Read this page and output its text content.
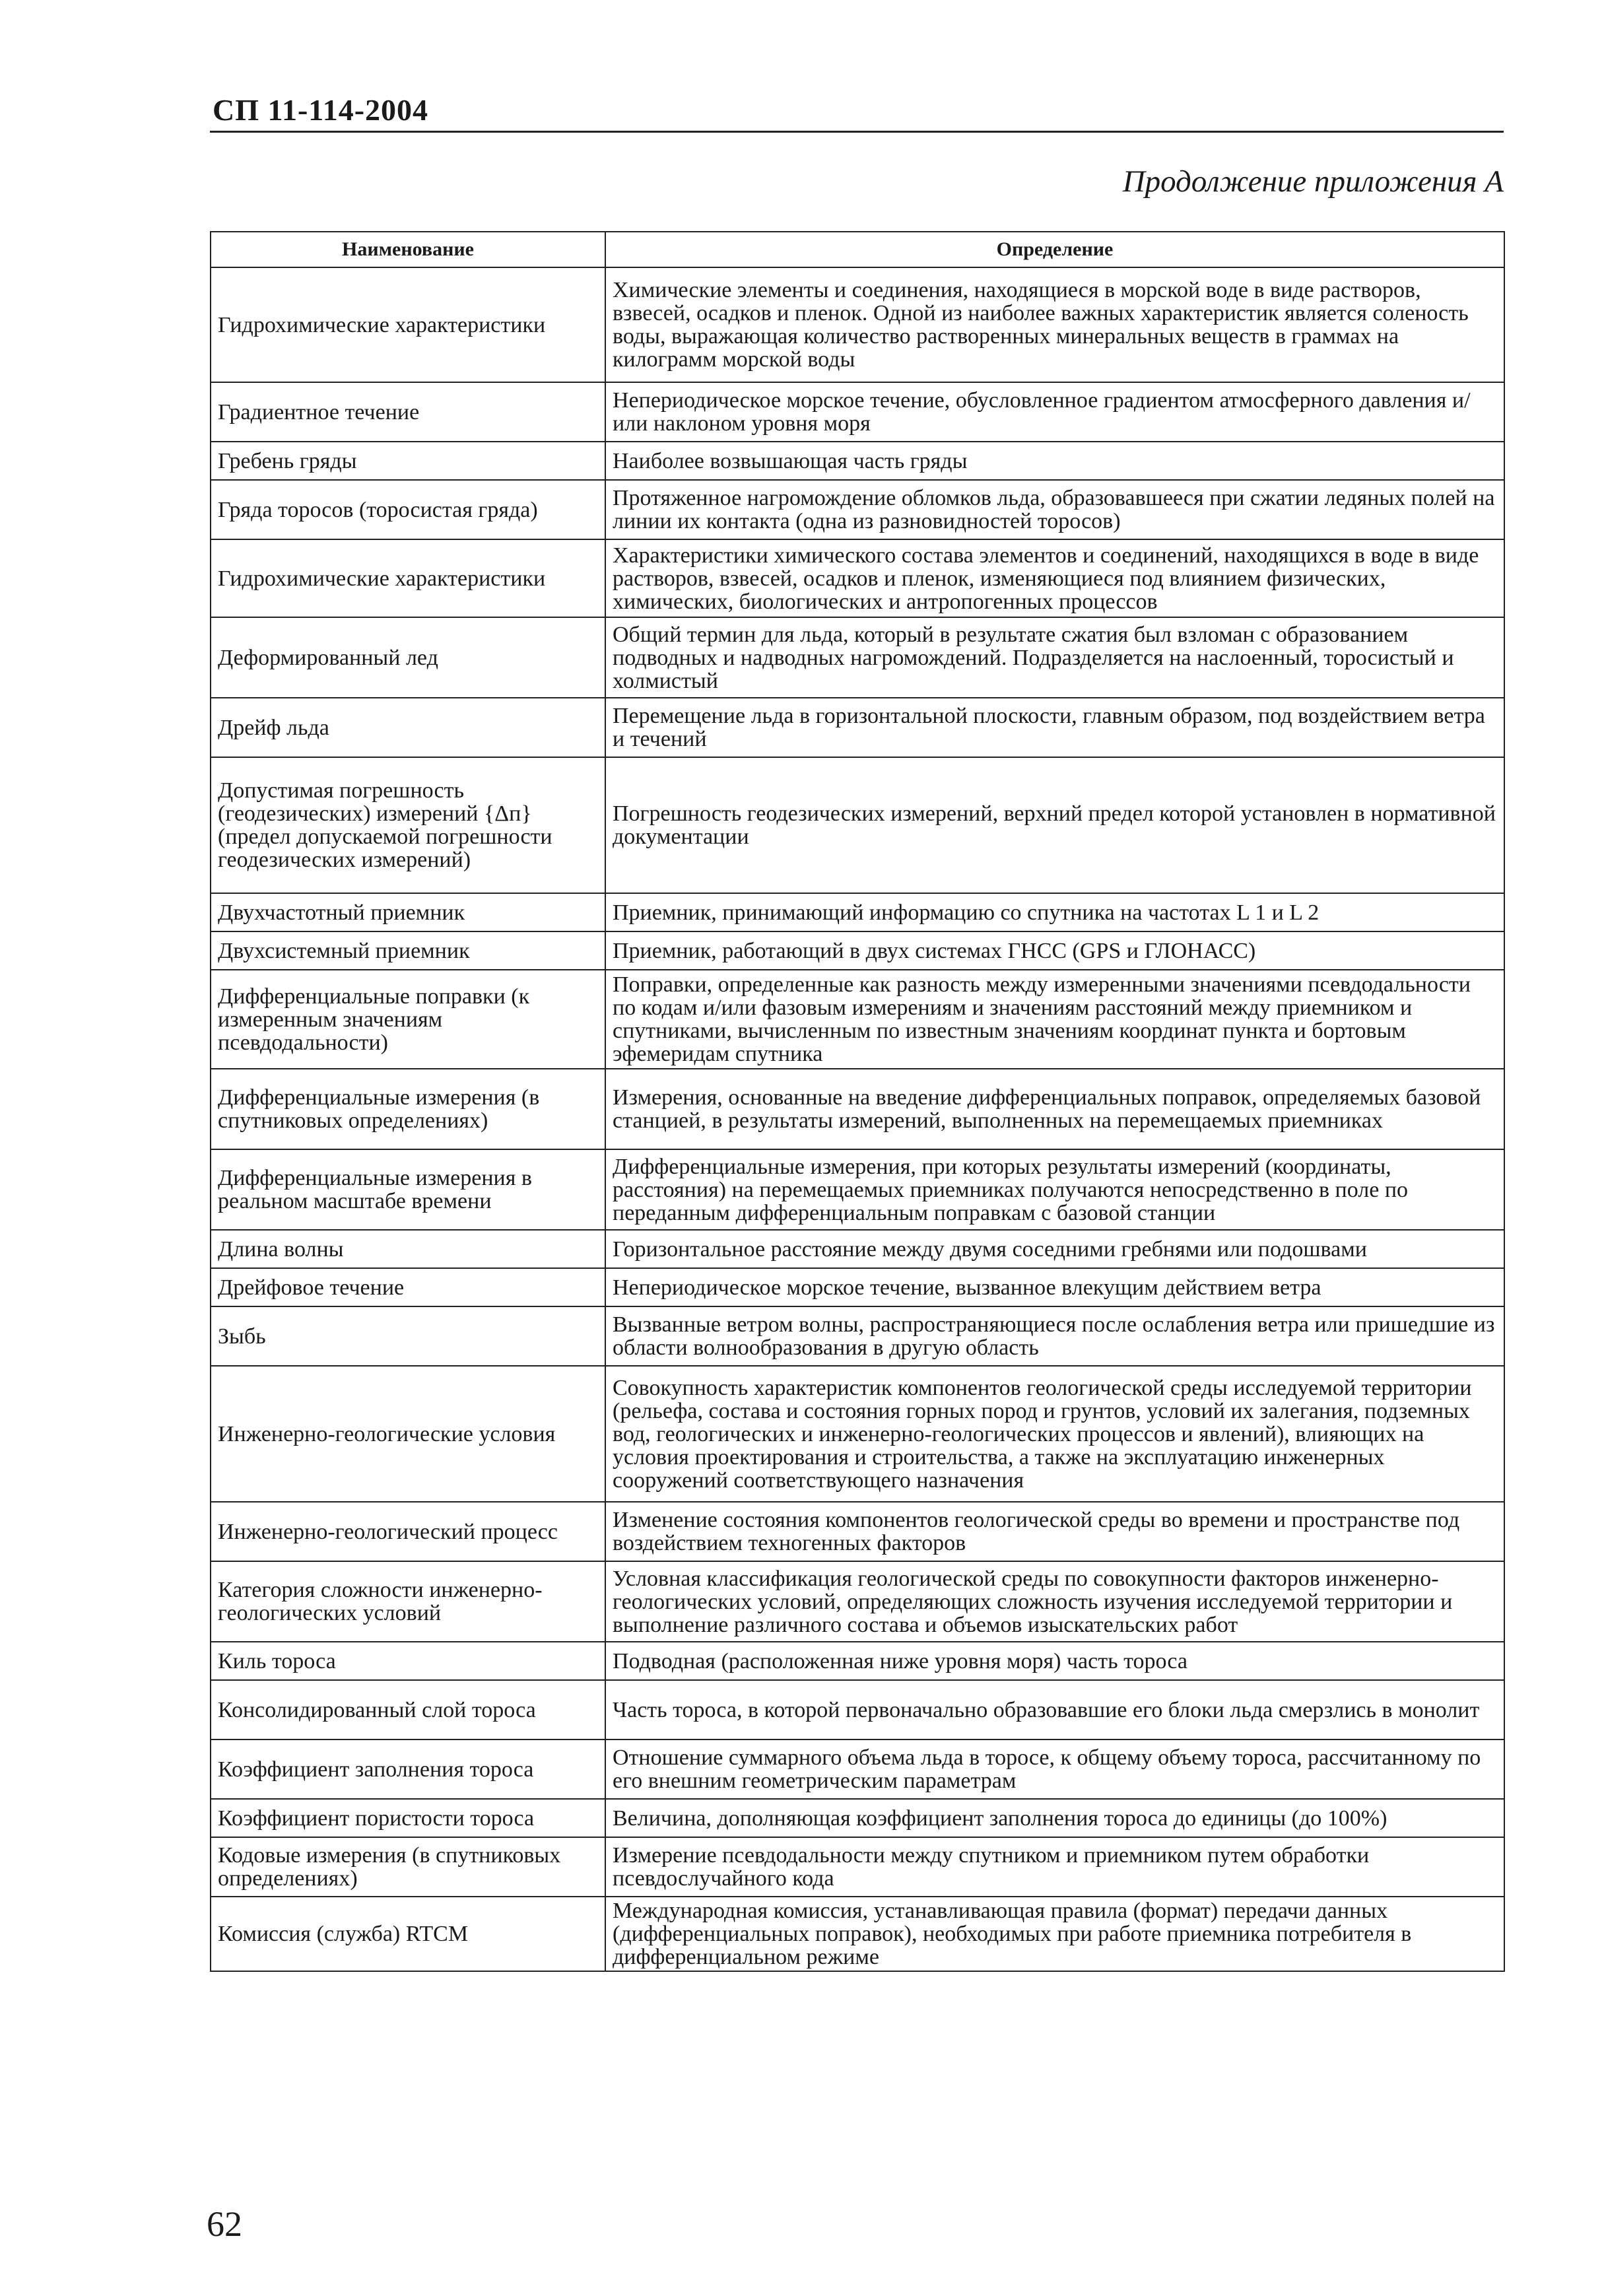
СП 11-114-2004
Продолжение приложения А
Наименование	Определение
Гидрохимические характеристики	Химические элементы и соединения, находящиеся в морской воде в виде растворов, взвесей, осадков и пленок. Одной из наиболее важных характеристик является соленость воды, выражающая количество растворенных минеральных веществ в граммах на килограмм морской воды
Градиентное течение	Непериодическое морское течение, обусловленное градиентом атмосферного давления и/или наклоном уровня моря
Гребень гряды	Наиболее возвышающая часть гряды
Гряда торосов (торосистая гряда)	Протяженное нагромождение обломков льда, образовавшееся при сжатии ледяных полей на линии их контакта (одна из разновидностей торосов)
Гидрохимические характеристики	Характеристики химического состава элементов и соединений, находящихся в воде в виде растворов, взвесей, осадков и пленок, изменяющиеся под влиянием физических, химических, биологических и антропогенных процессов
Деформированный лед	Общий термин для льда, который в результате сжатия был взломан с образованием подводных и надводных нагромождений. Подразделяется на наслоенный, торосистый и холмистый
Дрейф льда	Перемещение льда в горизонтальной плоскости, главным образом, под воздействием ветра и течений
Допустимая погрешность (геодезических) измерений {Δп}(предел допускаемой погрешности геодезических измерений)	Погрешность геодезических измерений, верхний предел которой установлен в нормативной документации
Двухчастотный приемник	Приемник, принимающий информацию со спутника на частотах L 1 и L 2
Двухсистемный приемник	Приемник, работающий в двух системах ГНСС (GPS и ГЛОНАСС)
Дифференциальные поправки (к измеренным значениям псевдодальности)	Поправки, определенные как разность между измеренными значениями псевдодальности по кодам и/или фазовым измерениям и значениям расстояний между приемником и спутниками, вычисленным по известным значениям координат пункта и бортовым эфемеридам спутника
Дифференциальные измерения (в спутниковых определениях)	Измерения, основанные на введение дифференциальных поправок, определяемых базовой станцией, в результаты измерений, выполненных на перемещаемых приемниках
Дифференциальные измерения в реальном масштабе времени	Дифференциальные измерения, при которых результаты измерений (координаты, расстояния) на перемещаемых приемниках получаются непосредственно в поле по переданным дифференциальным поправкам с базовой станции
Длина волны	Горизонтальное расстояние между двумя соседними гребнями или подошвами
Дрейфовое течение	Непериодическое морское течение, вызванное влекущим действием ветра
Зыбь	Вызванные ветром волны, распространяющиеся после ослабления ветра или пришедшие из области волнообразования в другую область
Инженерно-геологические условия	Совокупность характеристик компонентов геологической среды исследуемой территории (рельефа, состава и состояния горных пород и грунтов, условий их залегания, подземных вод, геологических и инженерно-геологических процессов и явлений), влияющих на условия проектирования и строительства, а также на эксплуатацию инженерных сооружений соответствующего назначения
Инженерно-геологический процесс	Изменение состояния компонентов геологической среды во времени и пространстве под воздействием техногенных факторов
Категория сложности инженерно-геологических условий	Условная классификация геологической среды по совокупности факторов инженерно-геологических условий, определяющих сложность изучения исследуемой территории и выполнение различного состава и объемов изыскательских работ
Киль тороса	Подводная (расположенная ниже уровня моря) часть тороса
Консолидированный слой тороса	Часть тороса, в которой первоначально образовавшие его блоки льда смерзлись в монолит
Коэффициент заполнения тороса	Отношение суммарного объема льда в торосе, к общему объему тороса, рассчитанному по его внешним геометрическим параметрам
Коэффициент пористости тороса	Величина, дополняющая коэффициент заполнения тороса до единицы (до 100%)
Кодовые измерения (в спутниковых определениях)	Измерение псевдодальности между спутником и приемником путем обработки псевдослучайного кода
Комиссия (служба) RTCM	Международная комиссия, устанавливающая правила (формат) передачи данных (дифференциальных поправок), необходимых при работе приемника потребителя в дифференциальном режиме
62
